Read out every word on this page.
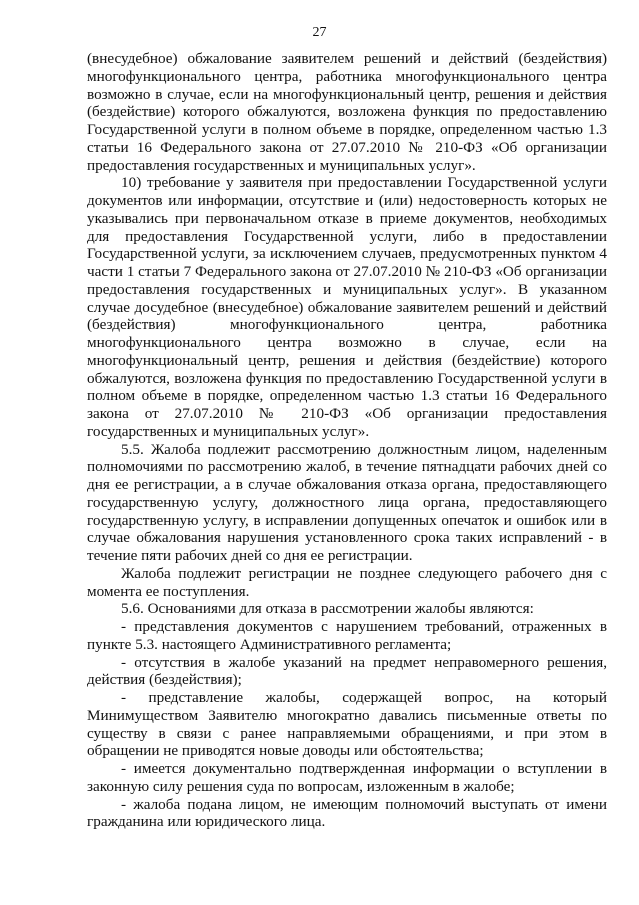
27

(внесудебное) обжалование заявителем решений и действий (бездействия) многофункционального центра, работника многофункционального центра возможно в случае, если на многофункциональный центр, решения и действия (бездействие) которого обжалуются, возложена функция по предоставлению Государственной услуги в полном объеме в порядке, определенном частью 1.3 статьи 16 Федерального закона от 27.07.2010 № 210-ФЗ «Об организации предоставления государственных и муниципальных услуг».

10) требование у заявителя при предоставлении Государственной услуги документов или информации, отсутствие и (или) недостоверность которых не указывались при первоначальном отказе в приеме документов, необходимых для предоставления Государственной услуги, либо в предоставлении Государственной услуги, за исключением случаев, предусмотренных пунктом 4 части 1 статьи 7 Федерального закона от 27.07.2010 № 210-ФЗ «Об организации предоставления государственных и муниципальных услуг». В указанном случае досудебное (внесудебное) обжалование заявителем решений и действий (бездействия) многофункционального центра, работника многофункционального центра возможно в случае, если на многофункциональный центр, решения и действия (бездействие) которого обжалуются, возложена функция по предоставлению Государственной услуги в полном объеме в порядке, определенном частью 1.3 статьи 16 Федерального закона от 27.07.2010 № 210-ФЗ «Об организации предоставления государственных и муниципальных услуг».

5.5. Жалоба подлежит рассмотрению должностным лицом, наделенным полномочиями по рассмотрению жалоб, в течение пятнадцати рабочих дней со дня ее регистрации, а в случае обжалования отказа органа, предоставляющего государственную услугу, должностного лица органа, предоставляющего государственную услугу, в исправлении допущенных опечаток и ошибок или в случае обжалования нарушения установленного срока таких исправлений - в течение пяти рабочих дней со дня ее регистрации.

Жалоба подлежит регистрации не позднее следующего рабочего дня с момента ее поступления.

5.6. Основаниями для отказа в рассмотрении жалобы являются:

- представления документов с нарушением требований, отраженных в пункте 5.3. настоящего Административного регламента;

- отсутствия в жалобе указаний на предмет неправомерного решения, действия (бездействия);

- представление жалобы, содержащей вопрос, на который Минимуществом Заявителю многократно давались письменные ответы по существу в связи с ранее направляемыми обращениями, и при этом в обращении не приводятся новые доводы или обстоятельства;

- имеется документально подтвержденная информации о вступлении в законную силу решения суда по вопросам, изложенным в жалобе;

- жалоба подана лицом, не имеющим полномочий выступать от имени гражданина или юридического лица.
